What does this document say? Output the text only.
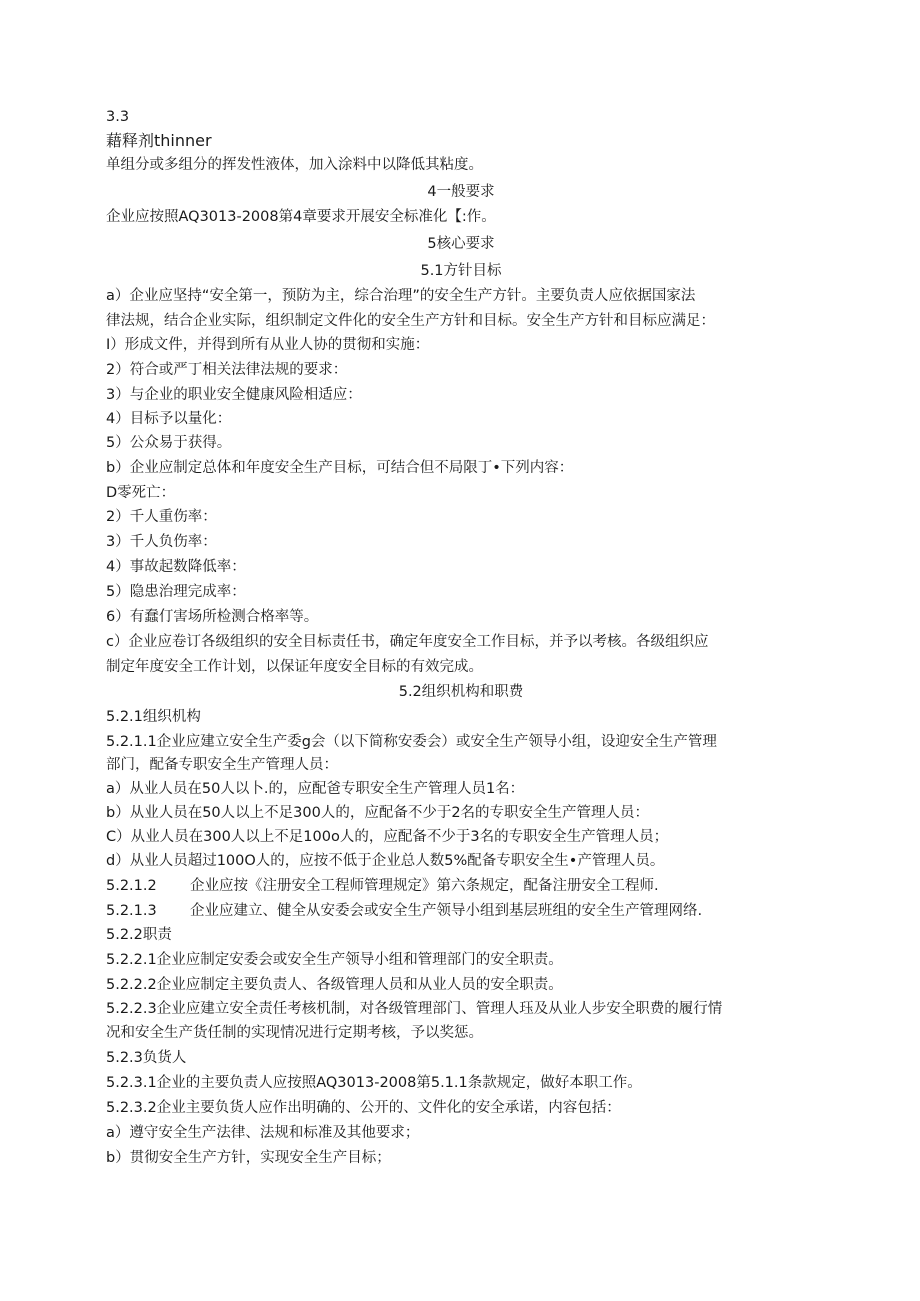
3.3
藉释剂thinner
单组分或多组分的挥发性液体，加入涂料中以降低其粘度。
4一般要求
企业应按照AQ3013-2008第4章要求开展安全标准化【:作。
5核心要求
5.1方针目标
a）企业应坚持“安全第一，预防为主，综合治理”的安全生产方针。主要负责人应依据国家法
律法规，结合企业实际，组织制定文件化的安全生产方针和目标。安全生产方针和目标应满足：
I）形成文件，并得到所有从业人协的贯彻和实施：
2）符合或严丁相关法律法规的要求：
3）与企业的职业安全健康风险相适应：
4）目标予以量化：
5）公众易于获得。
b）企业应制定总体和年度安全生产目标，可结合但不局限丁•下列内容：
D零死亡：
2）千人重伤率：
3）千人负伤率：
4）事故起数降低率：
5）隐患治理完成率：
6）有蠢仃害场所检测合格率等。
c）企业应卷订各级组织的安全目标责任书，确定年度安全工作目标，并予以考核。各级组织应
制定年度安全工作计划，以保证年度安全目标的有效完成。
5.2组织机构和职费
5.2.1组织机构
5.2.1.1企业应建立安全生产委g会（以下简称安委会）或安全生产领导小组，设迎安全生产管理
部门，配备专职安全生产管理人员：
a）从业人员在50人以卜.的，应配爸专职安全生产管理人员1名：
b）从业人员在50人以上不足300人的，应配备不少于2名的专职安全生产管理人员：
C）从业人员在300人以上不足100o人的，应配备不少于3名的专职安全生产管理人员；
d）从业人员超过100O人的，应按不低于企业总人数5%配备专职安全生•产管理人员。
5.2.1.2 企业应按《注册安全工程师管理规定》第六条规定，配备注册安全工程师.
5.2.1.3 企业应建立、健全从安委会或安全生产领导小组到基层班组的安全生产管理网络.
5.2.2职责
5.2.2.1企业应制定安委会或安全生产领导小组和管理部门的安全职责。
5.2.2.2企业应制定主要负责人、各级管理人员和从业人员的安全职责。
5.2.2.3企业应建立安全责任考核机制，对各级管理部门、管理人珏及从业人步安全职费的履行情
况和安全生产货任制的实现情况进行定期考核，予以奖惩。
5.2.3负货人
5.2.3.1企业的主要负责人应按照AQ3013-2008第5.1.1条款规定，做好本职工作。
5.2.3.2企业主要负货人应作出明确的、公开的、文件化的安全承诺，内容包括：
a）遵守安全生产法律、法规和标准及其他要求；
b）贯彻安全生产方针，实现安全生产目标；
